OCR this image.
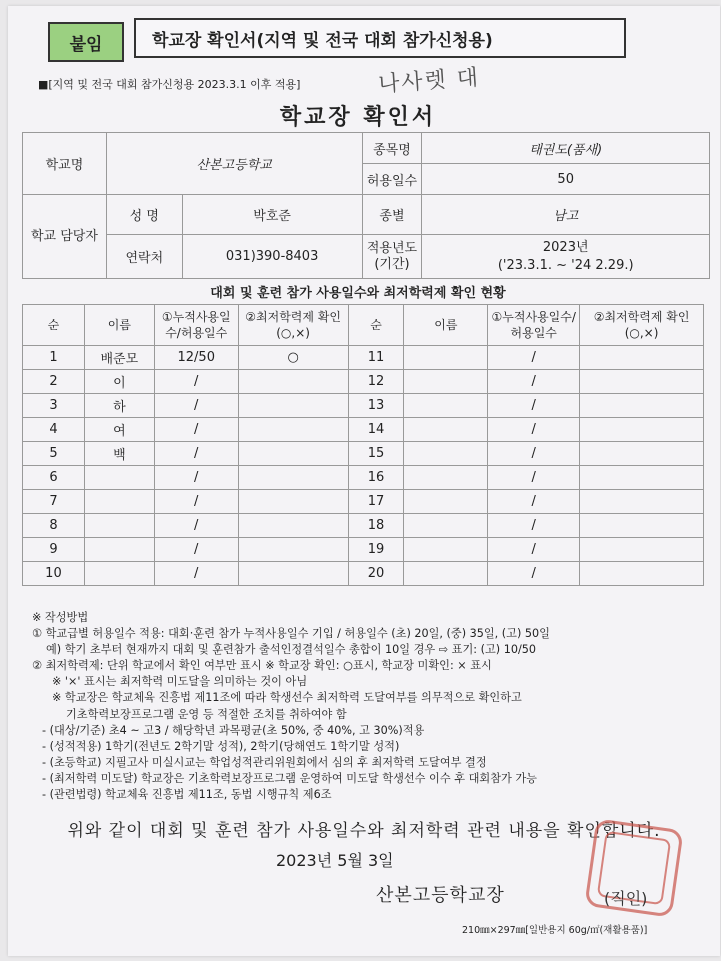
붙임	학교장 확인서(지역 및 전국 대회 참가신청용)
■[지역 및 전국 대회 참가신청용 2023.3.1 이후 적용]	나사렛 대
학교장 확인서
학교명	산본고등학교		종목명	태권도(품새)
			허용일수	50
학교 담당자	성 명	박호준	종별	남고
	연락처	031)390-8403	적용년도 (기간)	2023년
('23.3.1. ~ '24 2.29.)
대회 및 훈련 참가 사용일수와 최저학력제 확인 현황
순	이름	①누적사용일수/허용일수	②최저학력제 확인(○,×)	순	이름	①누적사용일수/허용일수	②최저학력제 확인(○,×)
1	배준모	12/50	○	11		/	
2	이	/		12		/	
3	하	/		13		/	
4	여	/		14		/	
5	백	/		15		/	
6		/		16		/	
7		/		17		/	
8		/		18		/	
9		/		19		/	
10		/		20		/	
※ 작성방법
① 학교급별 허용일수 적용: 대회·훈련 참가 누적사용일수 기입 / 허용일수 (초) 20일, (중) 35일, (고) 50일
예) 학기 초부터 현재까지 대회 및 훈련참가 출석인정결석일수 총합이 10일 경우 ⇨ 표기: (고) 10/50
② 최저학력제: 단위 학교에서 확인 여부만 표시 ※ 학교장 확인: ○표시, 학교장 미확인: × 표시
※ '×' 표시는 최저학력 미도달을 의미하는 것이 아님
※ 학교장은 학교체육 진흥법 제11조에 따라 학생선수 최저학력 도달여부를 의무적으로 확인하고
기초학력보장프로그램 운영 등 적절한 조치를 취하여야 함
- (대상/기준) 초4 ~ 고3 / 해당학년 과목평균(초 50%, 중 40%, 고 30%)적용
- (성적적용) 1학기(전년도 2학기말 성적), 2학기(당해연도 1학기말 성적)
- (초등학교) 지필고사 미실시교는 학업성적관리위원회에서 심의 후 최저학력 도달여부 결정
- (최저학력 미도달) 학교장은 기초학력보장프로그램 운영하여 미도달 학생선수 이수 후 대회참가 가능
- (관련법령) 학교체육 진흥법 제11조, 동법 시행규칙 제6조
위와 같이 대회 및 훈련 참가 사용일수와 최저학력 관련 내용을 확인합니다.
2023년 5월 3일
산본고등학교장	(직인)
210㎜×297㎜[일반용지 60g/㎡(재활용품)]
